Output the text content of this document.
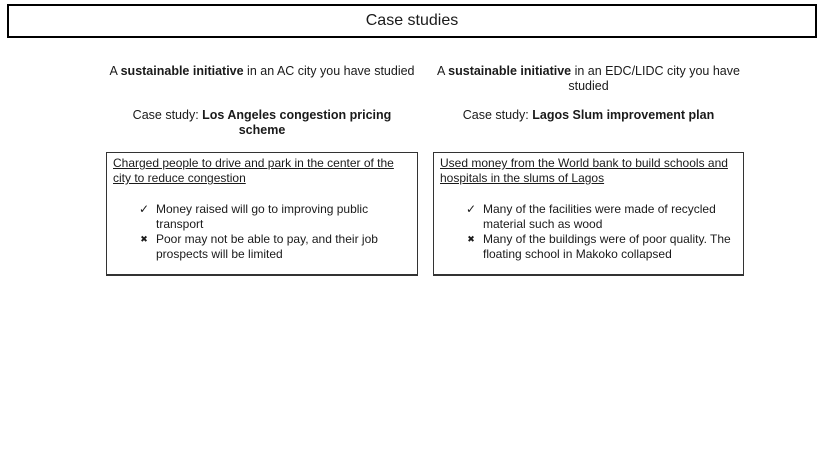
Case studies
A sustainable initiative in an AC city you have studied
Case study: Los Angeles congestion pricing scheme

Charged people to drive and park in the center of the city to reduce congestion

✓ Money raised will go to improving public transport
✖ Poor may not be able to pay, and their job prospects will be limited
A sustainable initiative in an EDC/LIDC city you have studied
Case study: Lagos Slum improvement plan

Used money from the World bank to build schools and hospitals in the slums of Lagos

✓ Many of the facilities were made of recycled material such as wood
✖ Many of the buildings were of poor quality. The floating school in Makoko collapsed
